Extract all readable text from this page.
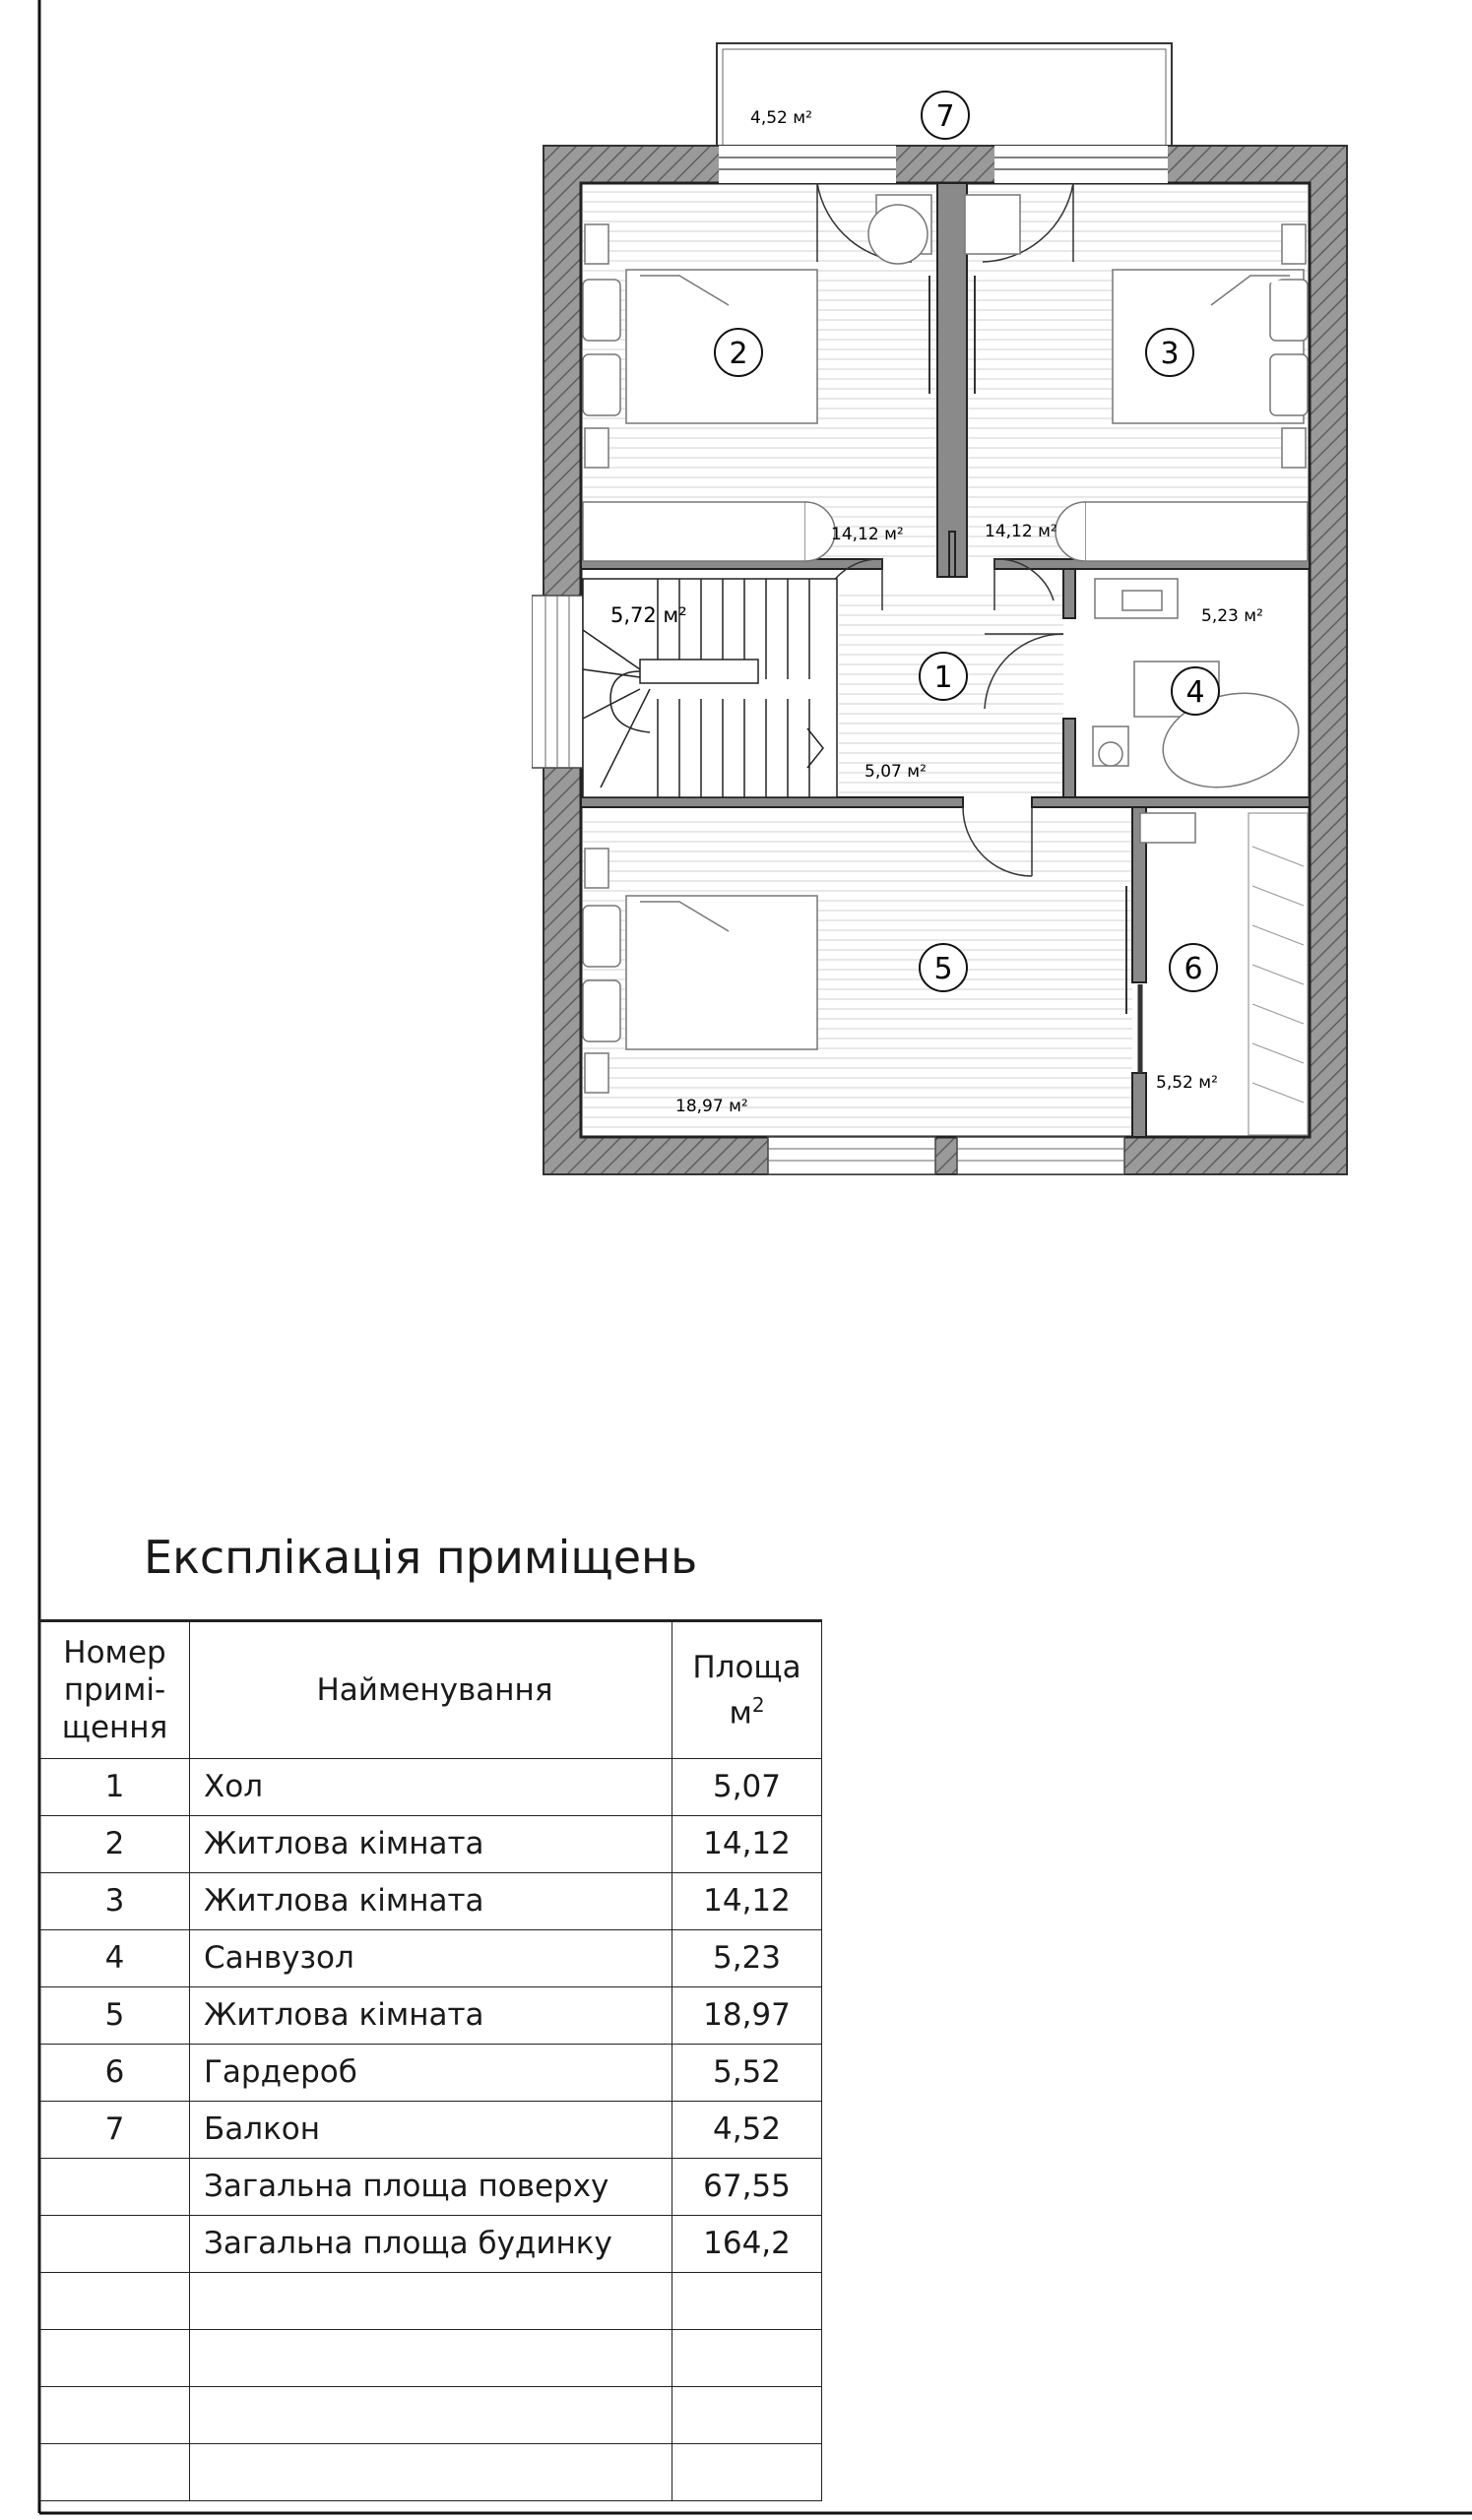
7
4,52 м²
2
14,12 м²
3
14,12 м²
1
5,07 м²
5,72 м²
4
5,23 м²
5
18,97 м²
6
5,52 м²
Експлікація приміщень
Номер примі- щення	Найменування	Площа
$м^2$
1	Хол	5,07
2	Житлова кімната	14,12
3	Житлова кімната	14,12
4	Санвузол	5,23
5	Житлова кімната	18,97
6	Гардероб	5,52
7	Балкон	4,52
	Загальна площа поверху	67,55
	Загальна площа будинку	164,2
